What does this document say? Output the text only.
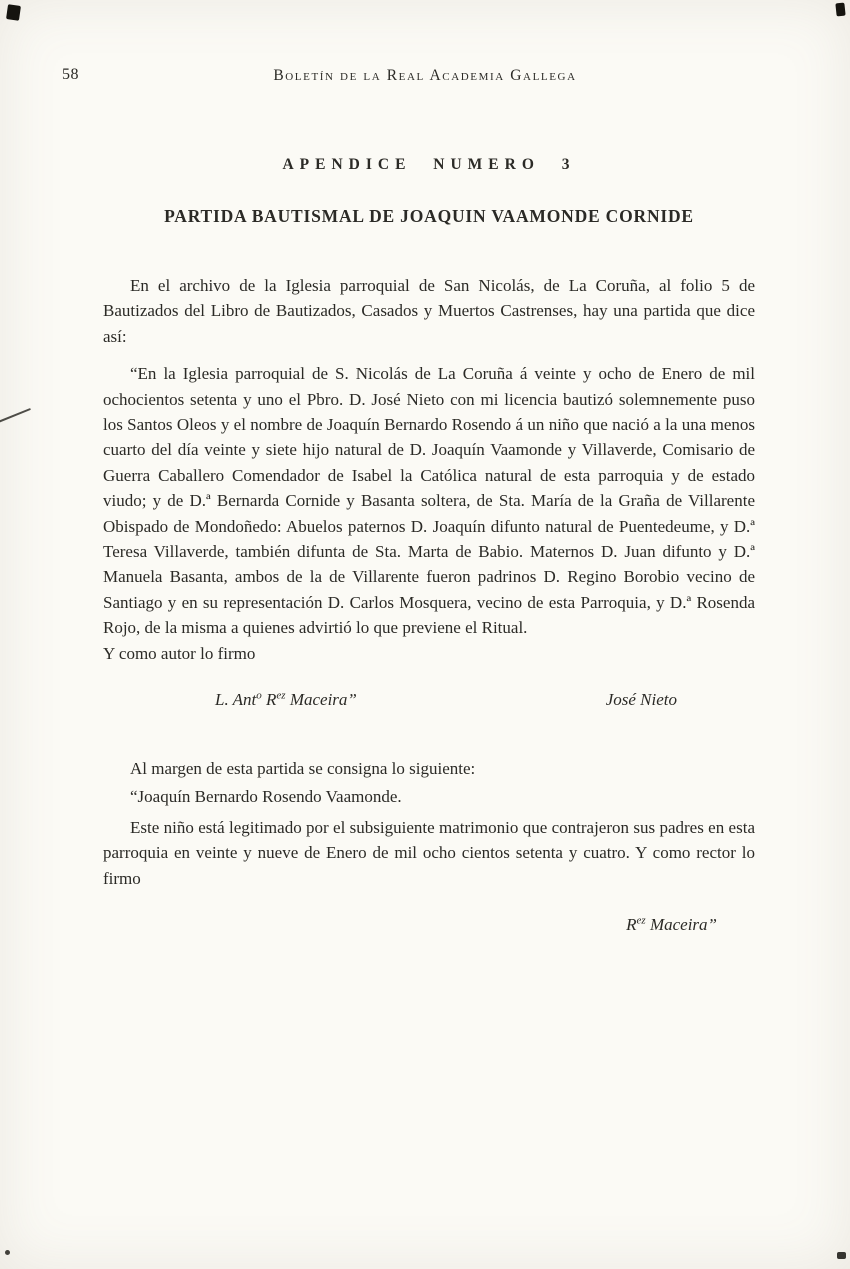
58	Boletín de la Real Academia Gallega
APENDICE NUMERO 3
PARTIDA BAUTISMAL DE JOAQUIN VAAMONDE CORNIDE

En el archivo de la Iglesia parroquial de San Nicolás, de La Coruña, al folio 5 de Bautizados del Libro de Bautizados, Casados y Muertos Castrenses, hay una partida que dice así:

“En la Iglesia parroquial de S. Nicolás de La Coruña á veinte y ocho de Enero de mil ochocientos setenta y uno el Pbro. D. José Nieto con mi licencia bautizó solemnemente puso los Santos Oleos y el nombre de Joaquín Bernardo Rosendo á un niño que nació a la una menos cuarto del día veinte y siete hijo natural de D. Joaquín Vaamonde y Villaverde, Comisario de Guerra Caballero Comendador de Isabel la Católica natural de esta parroquia y de estado viudo; y de D.ª Bernarda Cornide y Basanta soltera, de Sta. María de la Graña de Villarente Obispado de Mondoñedo: Abuelos paternos D. Joaquín difunto natural de Puentedeume, y D.ª Teresa Villaverde, también difunta de Sta. Marta de Babio. Maternos D. Juan difunto y D.ª Manuela Basanta, ambos de la de Villarente fueron padrinos D. Regino Borobio vecino de Santiago y en su representación D. Carlos Mosquera, vecino de esta Parroquia, y D.ª Rosenda Rojo, de la misma a quienes advirtió lo que previene el Ritual.

Y como autor lo firmo

L. Ant$^o$ $R^{ez}$ Maceira”	José Nieto

Al margen de esta partida se consigna lo siguiente:

“Joaquín Bernardo Rosendo Vaamonde.

Este niño está legitimado por el subsiguiente matrimonio que contrajeron sus padres en esta parroquia en veinte y nueve de Enero de mil ocho cientos setenta y cuatro. Y como rector lo firmo

$R^{ez}$ Maceira”
